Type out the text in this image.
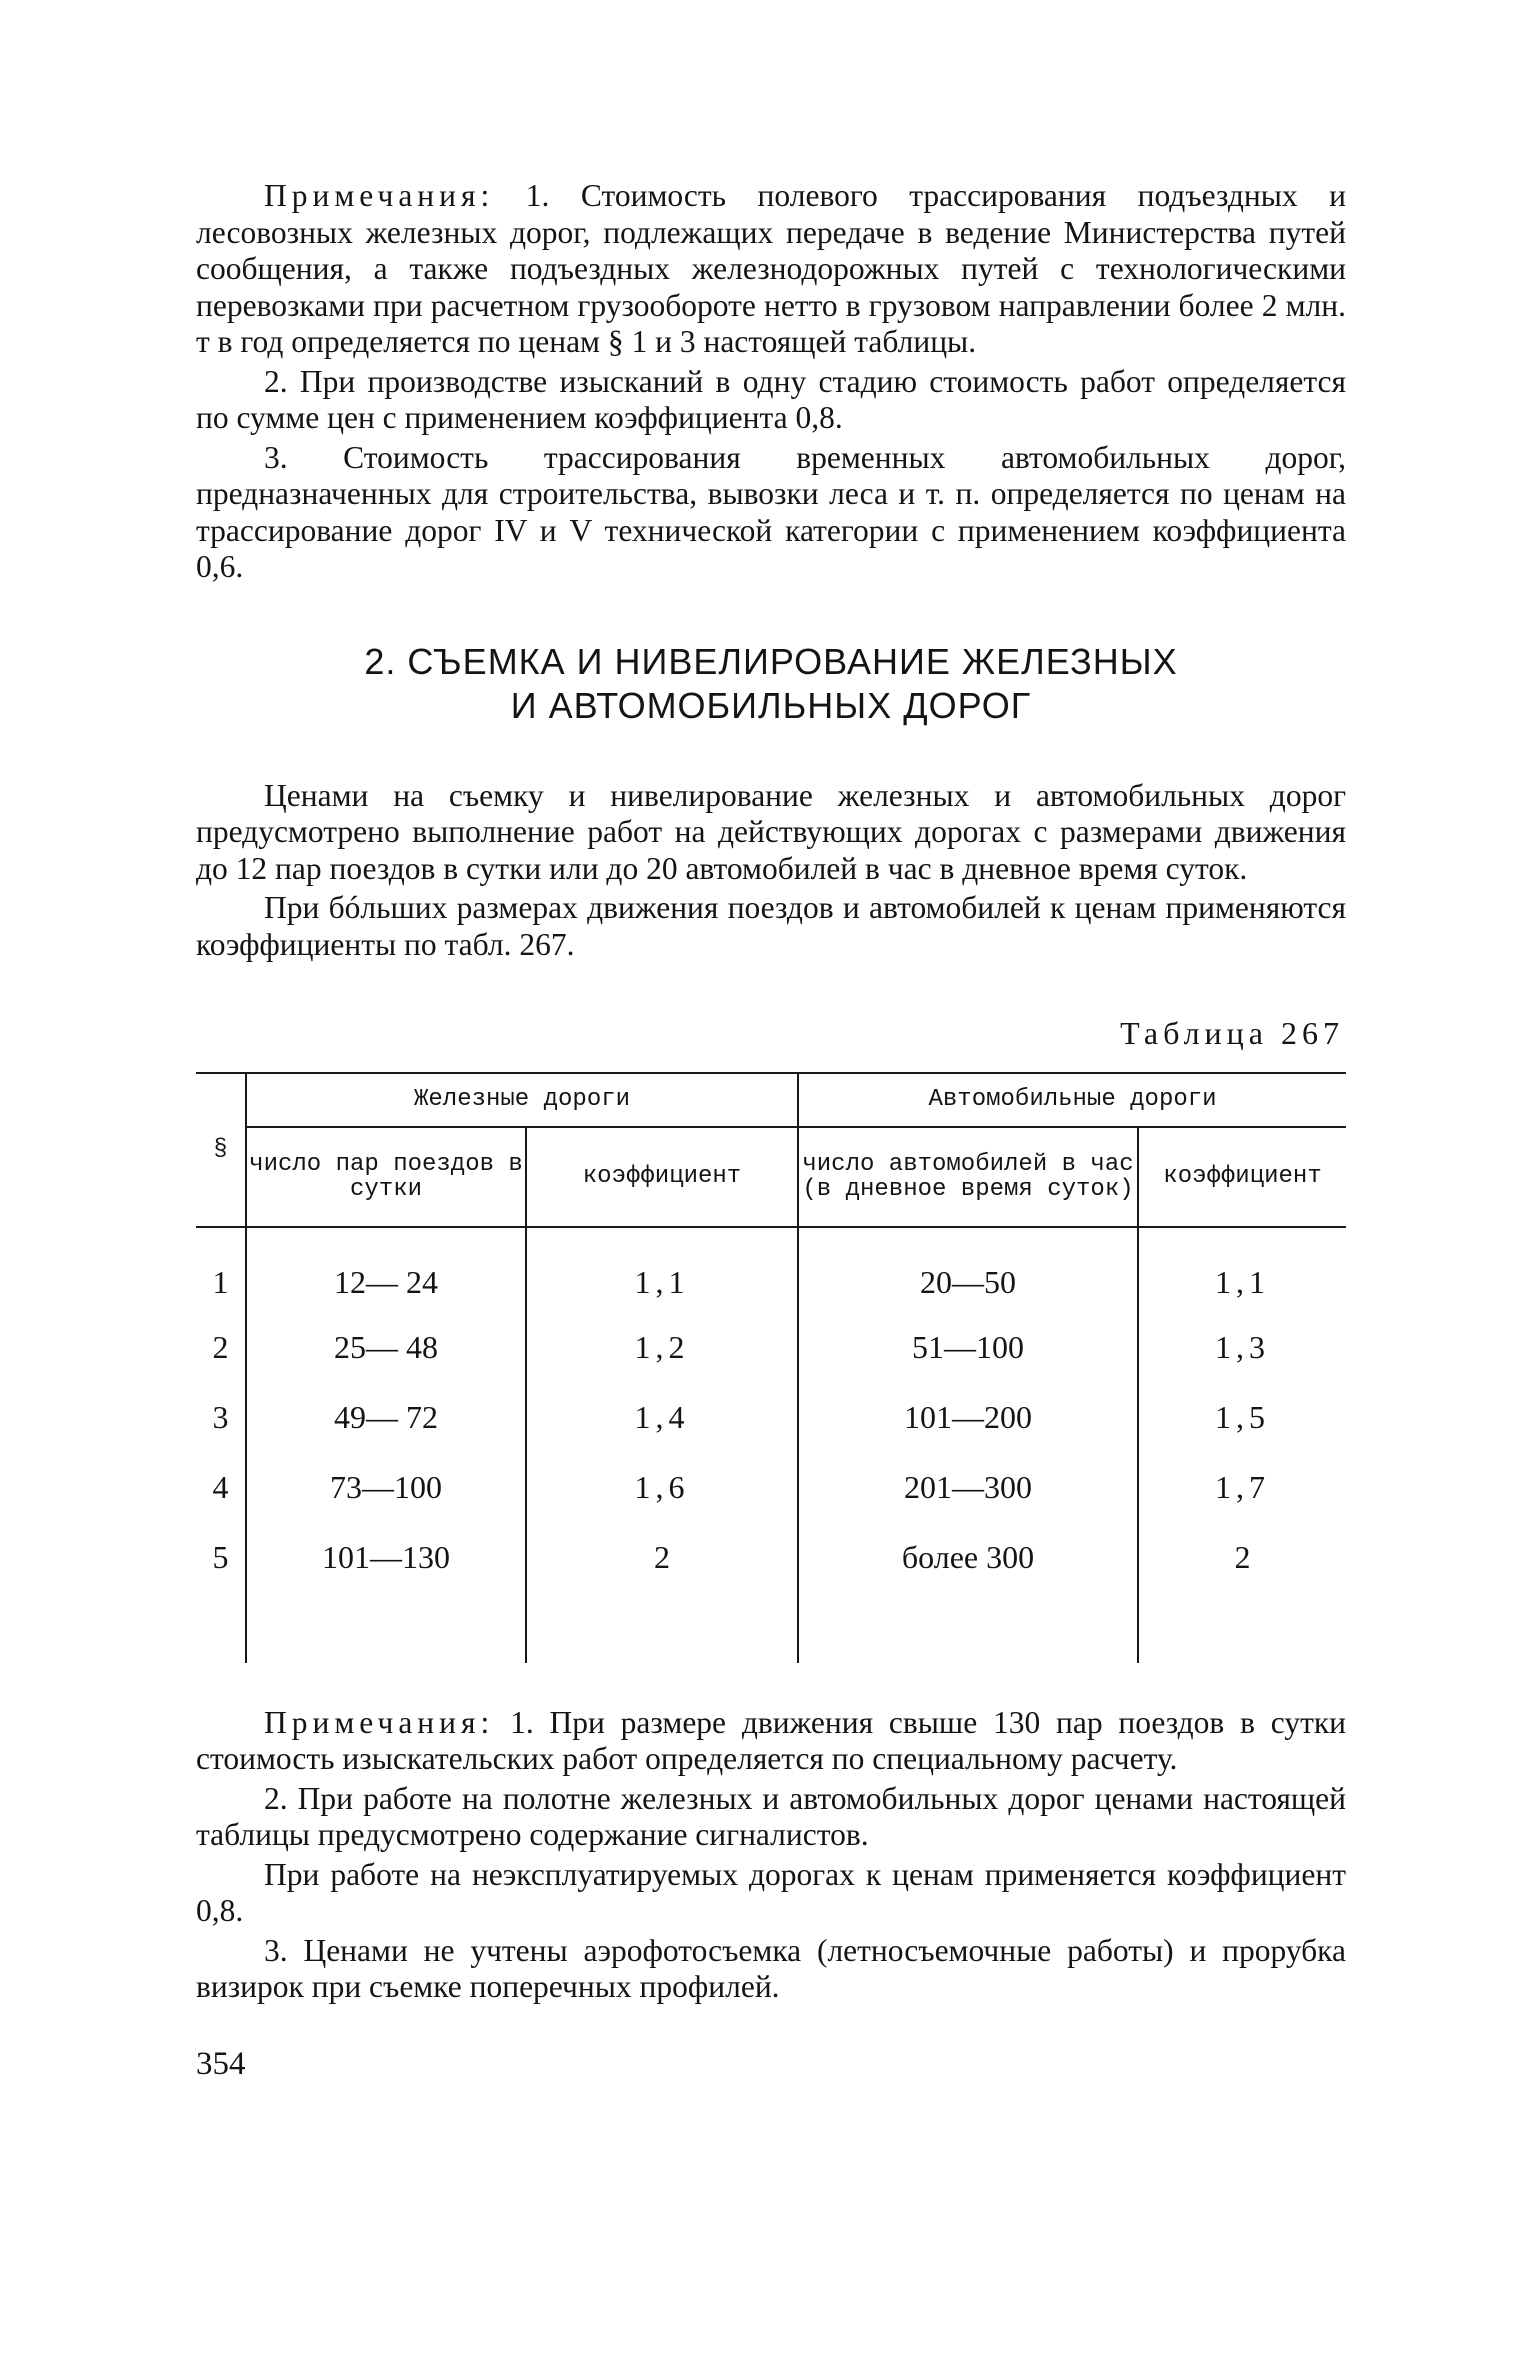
Примечания: 1. Стоимость полевого трассирования подъездных и лесовозных железных дорог, подлежащих передаче в ведение Министерства путей сообщения, а также подъездных железнодорожных путей с технологическими перевозками при расчетном грузообороте нетто в грузовом направлении более 2 млн. т в год определяется по ценам § 1 и 3 настоящей таблицы.

2. При производстве изысканий в одну стадию стоимость работ определяется по сумме цен с применением коэффициента 0,8.

3. Стоимость трассирования временных автомобильных дорог, предназначенных для строительства, вывозки леса и т. п. определяется по ценам на трассирование дорог IV и V технической категории с применением коэффициента 0,6.

2. СЪЕМКА И НИВЕЛИРОВАНИЕ ЖЕЛЕЗНЫХ

И АВТОМОБИЛЬНЫХ ДОРОГ

Ценами на съемку и нивелирование железных и автомобильных дорог предусмотрено выполнение работ на действующих дорогах с размерами движения до 12 пар поездов в сутки или до 20 автомобилей в час в дневное время суток.

При бóльших размерах движения поездов и автомобилей к ценам применяются коэффициенты по табл. 267.

Таблица 267

§	Железные дороги		Автомобильные дороги	
	число пар поездов в сутки	коэффициент	число автомобилей в час (в дневное время суток)	коэффициент
1	12— 24	1,1	20—50	1,1
2	25— 48	1,2	51—100	1,3
3	49— 72	1,4	101—200	1,5
4	73—100	1,6	201—300	1,7
5	101—130	2	более 300	2

Примечания: 1. При размере движения свыше 130 пар поездов в сутки стоимость изыскательских работ определяется по специальному расчету.

2. При работе на полотне железных и автомобильных дорог ценами настоящей таблицы предусмотрено содержание сигналистов.

При работе на неэксплуатируемых дорогах к ценам применяется коэффициент 0,8.

3. Ценами не учтены аэрофотосъемка (летносъемочные работы) и прорубка визирок при съемке поперечных профилей.

354
